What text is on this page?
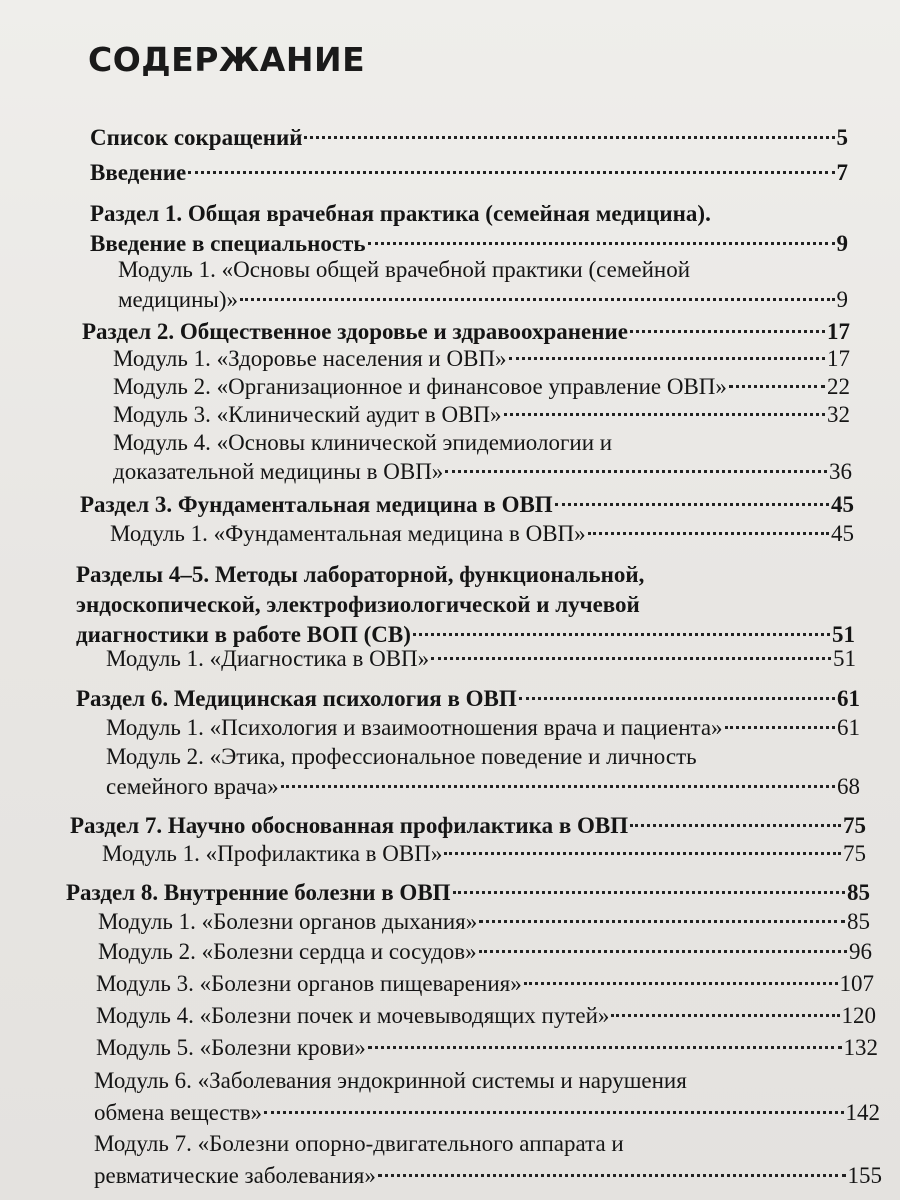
СОДЕРЖАНИЕ
Список сокращений	5
Введение	7
Раздел 1. Общая врачебная практика (семейная медицина).
Введение в специальность	9
Модуль 1. «Основы общей врачебной практики (семейной
медицины)»	9
Раздел 2. Общественное здоровье и здравоохранение	17
Модуль 1. «Здоровье населения и ОВП»	17
Модуль 2. «Организационное и финансовое управление ОВП»	22
Модуль 3. «Клинический аудит в ОВП»	32
Модуль 4. «Основы клинической эпидемиологии и
доказательной медицины в ОВП»	36
Раздел 3. Фундаментальная медицина в ОВП	45
Модуль 1. «Фундаментальная медицина в ОВП»	45
Разделы 4–5. Методы лабораторной, функциональной,
эндоскопической, электрофизиологической и лучевой
диагностики в работе ВОП (СВ)	51
Модуль 1. «Диагностика в ОВП»	51
Раздел 6. Медицинская психология в ОВП	61
Модуль 1. «Психология и взаимоотношения врача и пациента»	61
Модуль 2. «Этика, профессиональное поведение и личность
семейного врача»	68
Раздел 7. Научно обоснованная профилактика в ОВП	75
Модуль 1. «Профилактика в ОВП»	75
Раздел 8. Внутренние болезни в ОВП	85
Модуль 1. «Болезни органов дыхания»	85
Модуль 2. «Болезни сердца и сосудов»	96
Модуль 3. «Болезни органов пищеварения»	107
Модуль 4. «Болезни почек и мочевыводящих путей»	120
Модуль 5. «Болезни крови»	132
Модуль 6. «Заболевания эндокринной системы и нарушения
обмена веществ»	142
Модуль 7. «Болезни опорно-двигательного аппарата и
ревматические заболевания»	155
